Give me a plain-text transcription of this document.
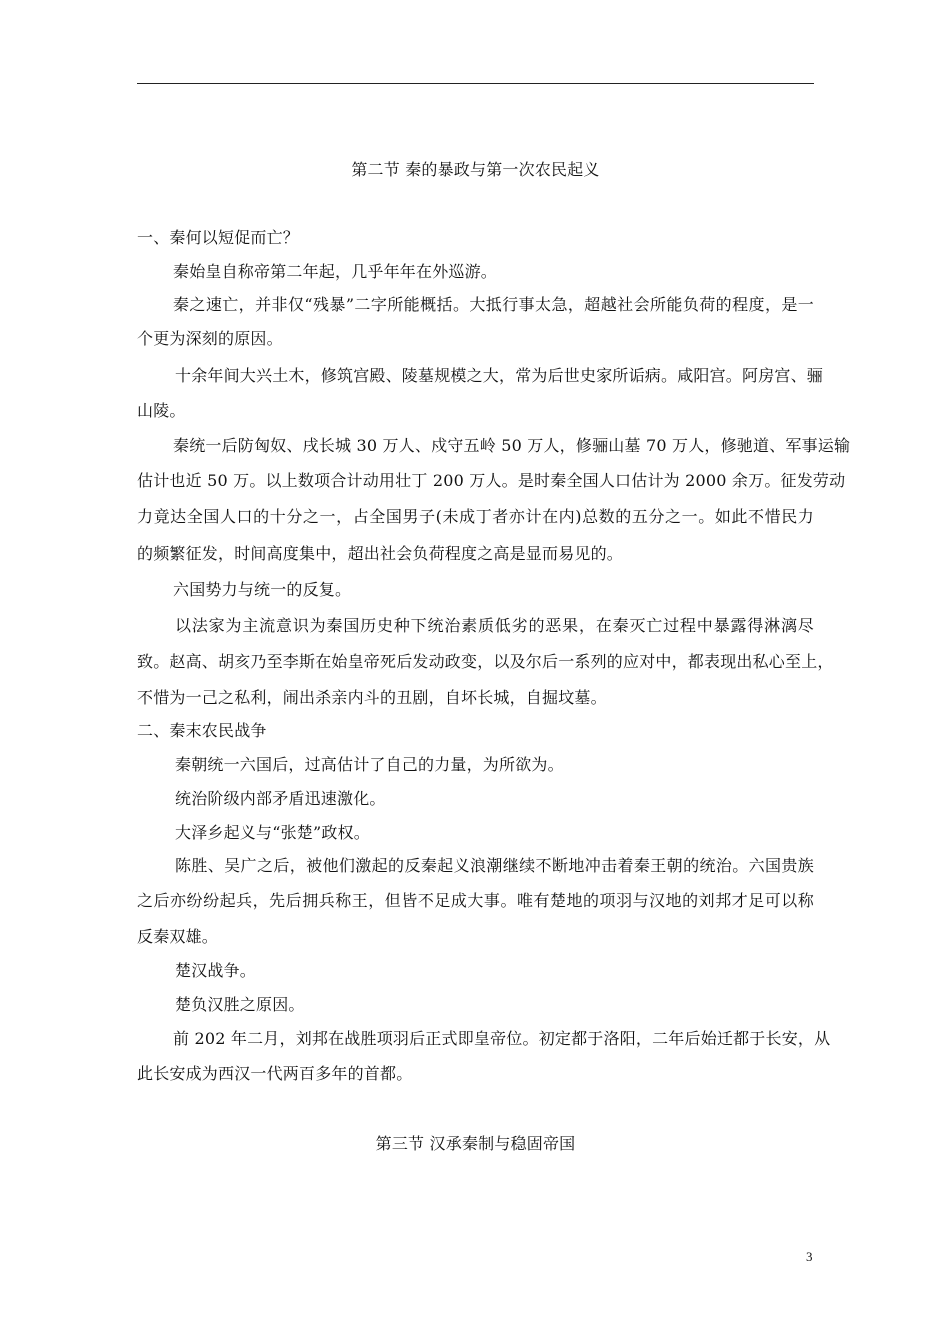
第二节 秦的暴政与第一次农民起义
一、秦何以短促而亡？
秦始皇自称帝第二年起，几乎年年在外巡游。
秦之速亡，并非仅“残暴”二字所能概括。大抵行事太急，超越社会所能负荷的程度，是一
个更为深刻的原因。
十余年间大兴土木，修筑宫殿、陵墓规模之大，常为后世史家所诟病。咸阳宫。阿房宫、骊
山陵。
秦统一后防匈奴、戌长城 30 万人、戍守五岭 50 万人，修骊山墓 70 万人，修驰道、军事运输
估计也近 50 万。以上数项合计动用壮丁 200 万人。是时秦全国人口估计为 2000 余万。征发劳动
力竟达全国人口的十分之一，占全国男子(未成丁者亦计在内)总数的五分之一。如此不惜民力
的频繁征发，时间高度集中，超出社会负荷程度之高是显而易见的。
六国势力与统一的反复。
以法家为主流意识为秦国历史种下统治素质低劣的恶果，在秦灭亡过程中暴露得淋漓尽
致。赵高、胡亥乃至李斯在始皇帝死后发动政变，以及尔后一系列的应对中，都表现出私心至上，
不惜为一己之私利，闹出杀亲内斗的丑剧，自坏长城，自掘坟墓。
二、秦末农民战争
秦朝统一六国后，过高估计了自己的力量，为所欲为。
统治阶级内部矛盾迅速激化。
大泽乡起义与“张楚”政权。
陈胜、吴广之后，被他们激起的反秦起义浪潮继续不断地冲击着秦王朝的统治。六国贵族
之后亦纷纷起兵，先后拥兵称王，但皆不足成大事。唯有楚地的项羽与汉地的刘邦才足可以称
反秦双雄。
楚汉战争。
楚负汉胜之原因。
前 202 年二月，刘邦在战胜项羽后正式即皇帝位。初定都于洛阳，二年后始迁都于长安，从
此长安成为西汉一代两百多年的首都。
第三节 汉承秦制与稳固帝国
3
